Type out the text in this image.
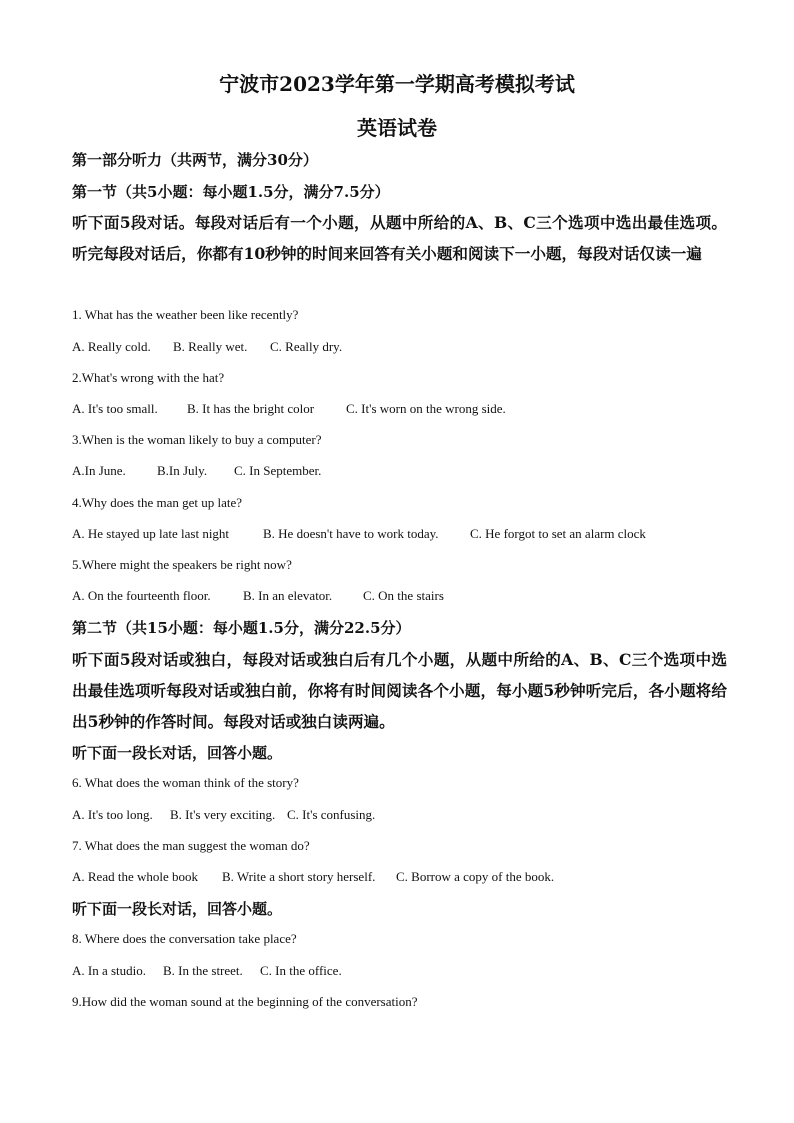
宁波市2023学年第一学期高考模拟考试
英语试卷
第一部分听力（共两节，满分30分）
第一节（共5小题：每小题1.5分，满分7.5分）

听下面5段对话。每段对话后有一个小题，从题中所给的A、B、C三个选项中选出最佳选项。听完每段对话后，你都有10秒钟的时间来回答有关小题和阅读下一小题，每段对话仅读一遍

1. What has the weather been like recently?
A. Really cold. B. Really wet. C. Really dry.
2.What's wrong with the hat?
A. It's too small. B. It has the bright color C. It's worn on the wrong side.
3.When is the woman likely to buy a computer?
A.In June. B.In July. C. In September.
4.Why does the man get up late?
A. He stayed up late last night	B. He doesn't have to work today. C. He forgot to set an alarm clock
5.Where might the speakers be right now?
A. On the fourteenth floor. B. In an elevator. C. On the stairs
第二节（共15小题：每小题1.5分，满分22.5分）

听下面5段对话或独白，每段对话或独白后有几个小题，从题中所给的A、B、C三个选项中选出最佳选项听每段对话或独白前，你将有时间阅读各个小题，每小题5秒钟听完后，各小题将给出5秒钟的作答时间。每段对话或独白读两遍。

听下面一段长对话，回答小题。
6. What does the woman think of the story?
A. It's too long. B. It's very exciting. C. It's confusing.
7. What does the man suggest the woman do?
A. Read the whole book B. Write a short story herself. C. Borrow a copy of the book.
听下面一段长对话，回答小题。
8. Where does the conversation take place?
A. In a studio. B. In the street. C. In the office.
9.How did the woman sound at the beginning of the conversation?
